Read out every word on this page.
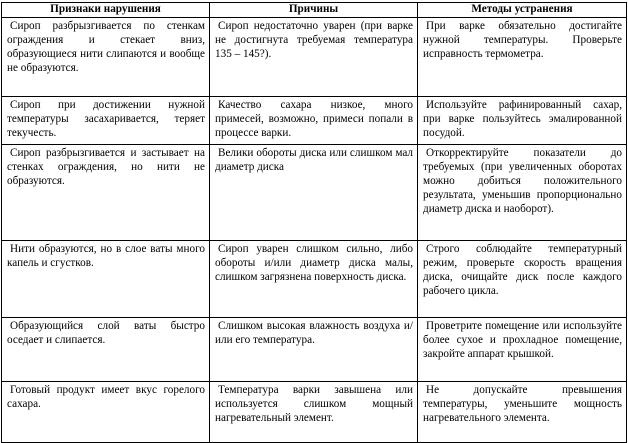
Признаки нарушения	Причины	Методы устранения

Сироп разбрызгивается по стенкам ограждения и стекает вниз, образующиеся нити слипаются и вообще не образуются.	Сироп недостаточно уварен (при варке не достигнута требуемая температура 135 – 145?).	При варке обязательно достигайте нужной температуры. Проверьте исправность термометра.

Сироп при достижении нужной температуры засахаривается, теряет текучесть.	Качество сахара низкое, много примесей, возможно, примеси попали в процессе варки.	Используйте рафинированный сахар, при варке пользуйтесь эмалированной посудой.

Сироп разбрызгивается и застывает на стенках ограждения, но нити не образуются.	Велики обороты диска или слишком мал диаметр диска	Откорректируйте показатели до требуемых (при увеличенных оборотах можно добиться положительного результата, уменьшив пропорционально диаметр диска и наоборот).

Нити образуются, но в слое ваты много капель и сгустков.	Сироп уварен слишком сильно, либо обороты и/или диаметр диска малы, слишком загрязнена поверхность диска.	Строго соблюдайте температурный режим, проверьте скорость вращения диска, очищайте диск после каждого рабочего цикла.

Образующийся слой ваты быстро оседает и слипается.	Слишком высокая влажность воздуха и/или его температура.	Проветрите помещение или используйте более сухое и прохладное помещение, закройте аппарат крышкой.

Готовый продукт имеет вкус горелого сахара.	Температура варки завышена или используется слишком мощный нагревательный элемент.	Не допускайте превышения температуры, уменьшите мощность нагревательного элемента.
